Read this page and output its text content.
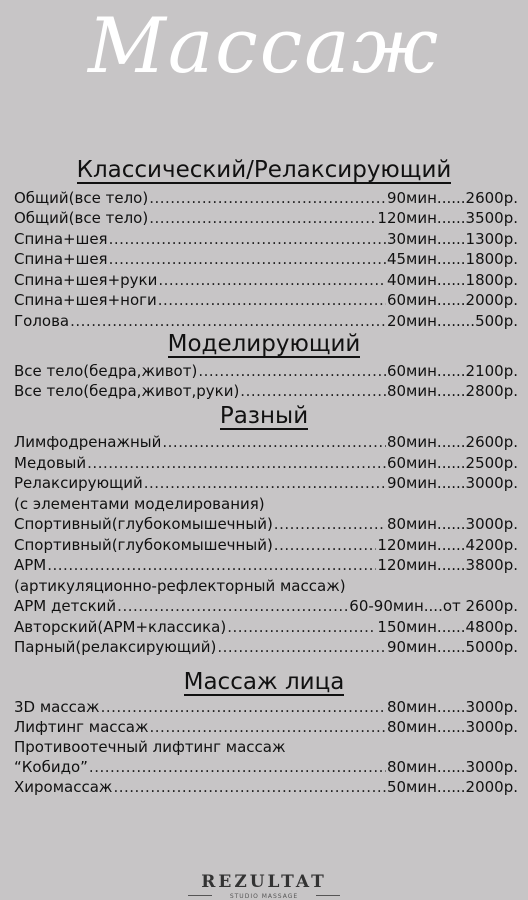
Массаж
Классический/Релаксирующий
Общий(все тело) .....	90мин ...... 2600р.
Общий(все тело) .....	120мин ...... 3500р.
Спина+шея .....	30мин ...... 1300р.
Спина+шея .....	45мин ...... 1800р.
Спина+шея+руки .....	40мин ...... 1800р.
Спина+шея+ноги .....	60мин ...... 2000р.
Голова .....	20мин ........ 500р.
Моделирующий
Все тело(бедра,живот) .....	60мин ...... 2100р.
Все тело(бедра,живот,руки) .....	80мин ...... 2800р.
Разный
Лимфодренажный .....	80мин ...... 2600р.
Медовый .....	60мин ...... 2500р.
Релаксирующий .....	90мин ...... 3000р.
(с элементами моделирования)
Спортивный(глубокомышечный) .....	80мин ...... 3000р.
Спортивный(глубокомышечный) .....	120мин ...... 4200р.
АРМ .....	120мин ...... 3800р.
(артикуляционно-рефлекторный массаж)
АРМ детский .....	60-90мин .... от 2600р.
Авторский(АРМ+классика) .....	150мин ...... 4800р.
Парный(релаксирующий) .....	90мин ...... 5000р.
Массаж лица
3D массаж .....	80мин ...... 3000р.
Лифтинг массаж .....	80мин ...... 3000р.
Противоотечный лифтинг массаж
“Кобидо” .....	80мин ...... 3000р.
Хиромассаж .....	50мин ...... 2000р.
REZULTAT
STUDIO MASSAGE
